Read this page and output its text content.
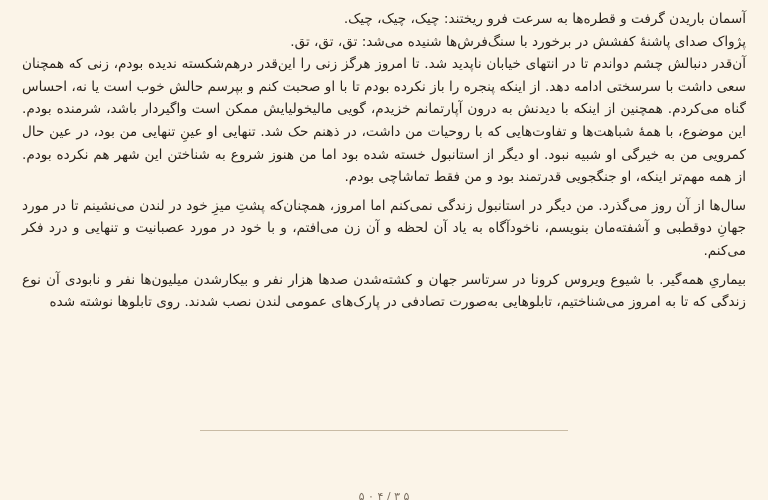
آسمان باریدن گرفت و قطره‌ها به سرعت فرو ریختند: چیک، چیک، چیک.

پژواک صدای پاشنهٔ کفشش در برخورد با سنگ‌فرش‌ها شنیده می‌شد: تق، تق، تق.

آن‌قدر دنبالش چشم دواندم تا در انتهای خیابان ناپدید شد. تا امروز هرگز زنی را این‌قدر درهم‌شکسته ندیده بودم، زنی که همچنان سعی داشت با سرسختی ادامه دهد. از اینکه پنجره را باز نکرده بودم تا با او صحبت کنم و بپرسم حالش خوب است یا نه، احساس گناه می‌کردم. همچنین از اینکه با دیدنش به درون آپارتمانم خزیدم، گویی مالیخولیایش ممکن است واگیردار باشد، شرمنده بودم. این موضوع، با همهٔ شباهت‌ها و تفاوت‌هایی که با روحیات من داشت، در ذهنم حک شد. تنهایی او عینِ تنهایی من بود، در عین حال کمرویی من به خیرگی او شبیه نبود. او دیگر از استانبول خسته شده بود اما من هنوز شروع به شناختن این شهر هم نکرده بودم. از همه مهم‌تر اینکه، او جنگجویی قدرتمند بود و من فقط تماشاچی بودم.

سال‌ها از آن روز می‌گذرد. من دیگر در استانبول زندگی نمی‌کنم اما امروز، همچنان‌که پشتِ میزِ خود در لندن می‌نشینم تا در مورد جهانِ دوقطبی و آشفته‌مان بنویسم، ناخودآگاه به یاد آن لحظه و آن زن می‌افتم، و با خود در مورد عصبانیت و تنهایی و درد فکر می‌کنم.

بیماریِ همه‌گیر. با شیوع ویروس کرونا در سرتاسر جهان و کشته‌شدن صدها هزار نفر و بیکارشدن میلیون‌ها نفر و نابودی آن نوع زندگی که تا به امروز می‌شناختیم، تابلوهایی به‌صورت تصادفی در پارک‌های عمومی لندن نصب شدند. روی تابلوها نوشته شده

۵ ۳ / ۴ ۰ ۵
